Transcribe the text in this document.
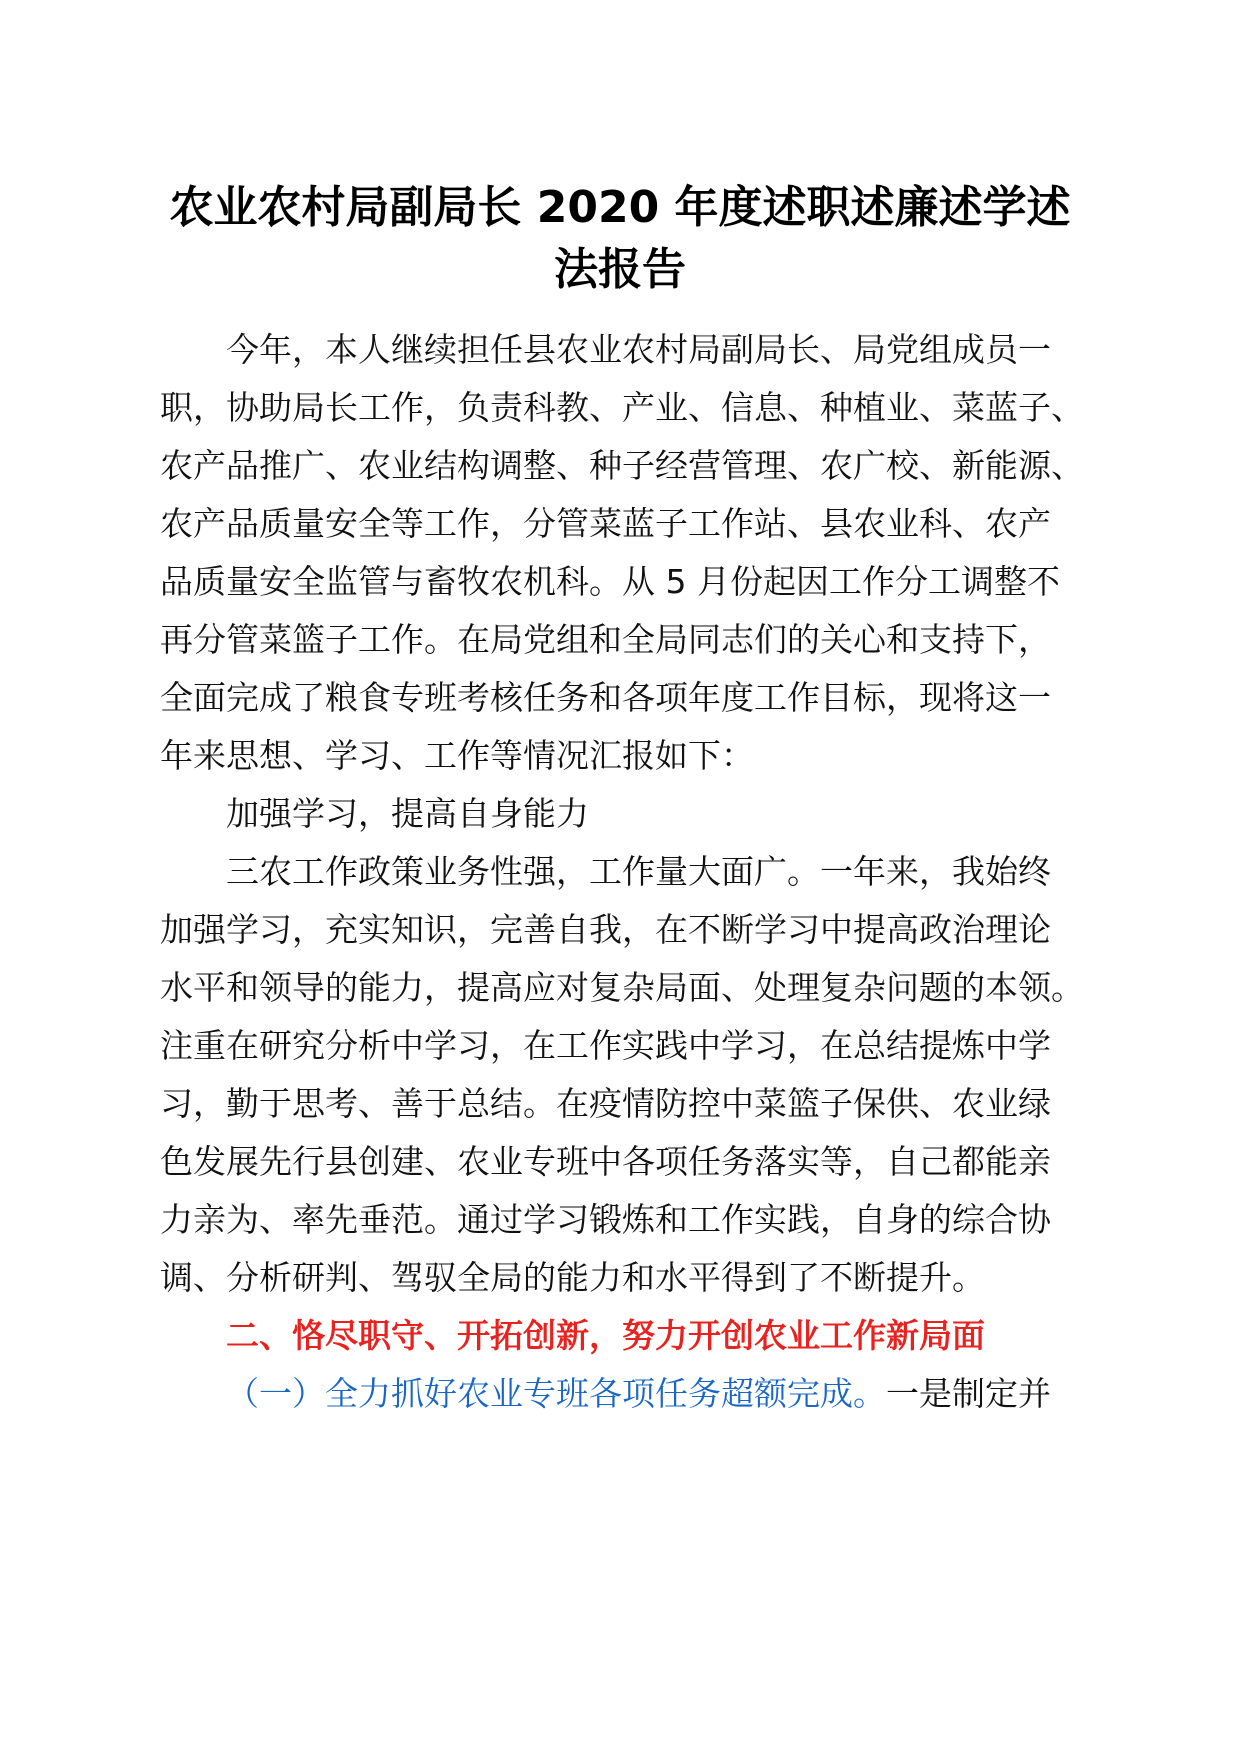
农业农村局副局长 2020 年度述职述廉述学述
法报告
今年，本人继续担任县农业农村局副局长、局党组成员一
职，协助局长工作，负责科教、产业、信息、种植业、菜蓝子、
农产品推广、农业结构调整、种子经营管理、农广校、新能源、
农产品质量安全等工作，分管菜蓝子工作站、县农业科、农产
品质量安全监管与畜牧农机科。从 5 月份起因工作分工调整不
再分管菜篮子工作。在局党组和全局同志们的关心和支持下，
全面完成了粮食专班考核任务和各项年度工作目标，现将这一
年来思想、学习、工作等情况汇报如下：
加强学习，提高自身能力
三农工作政策业务性强，工作量大面广。一年来，我始终
加强学习，充实知识，完善自我，在不断学习中提高政治理论
水平和领导的能力，提高应对复杂局面、处理复杂问题的本领。
注重在研究分析中学习，在工作实践中学习，在总结提炼中学
习，勤于思考、善于总结。在疫情防控中菜篮子保供、农业绿
色发展先行县创建、农业专班中各项任务落实等，自己都能亲
力亲为、率先垂范。通过学习锻炼和工作实践，自身的综合协
调、分析研判、驾驭全局的能力和水平得到了不断提升。
二、恪尽职守、开拓创新，努力开创农业工作新局面
（一）全力抓好农业专班各项任务超额完成。一是制定并
